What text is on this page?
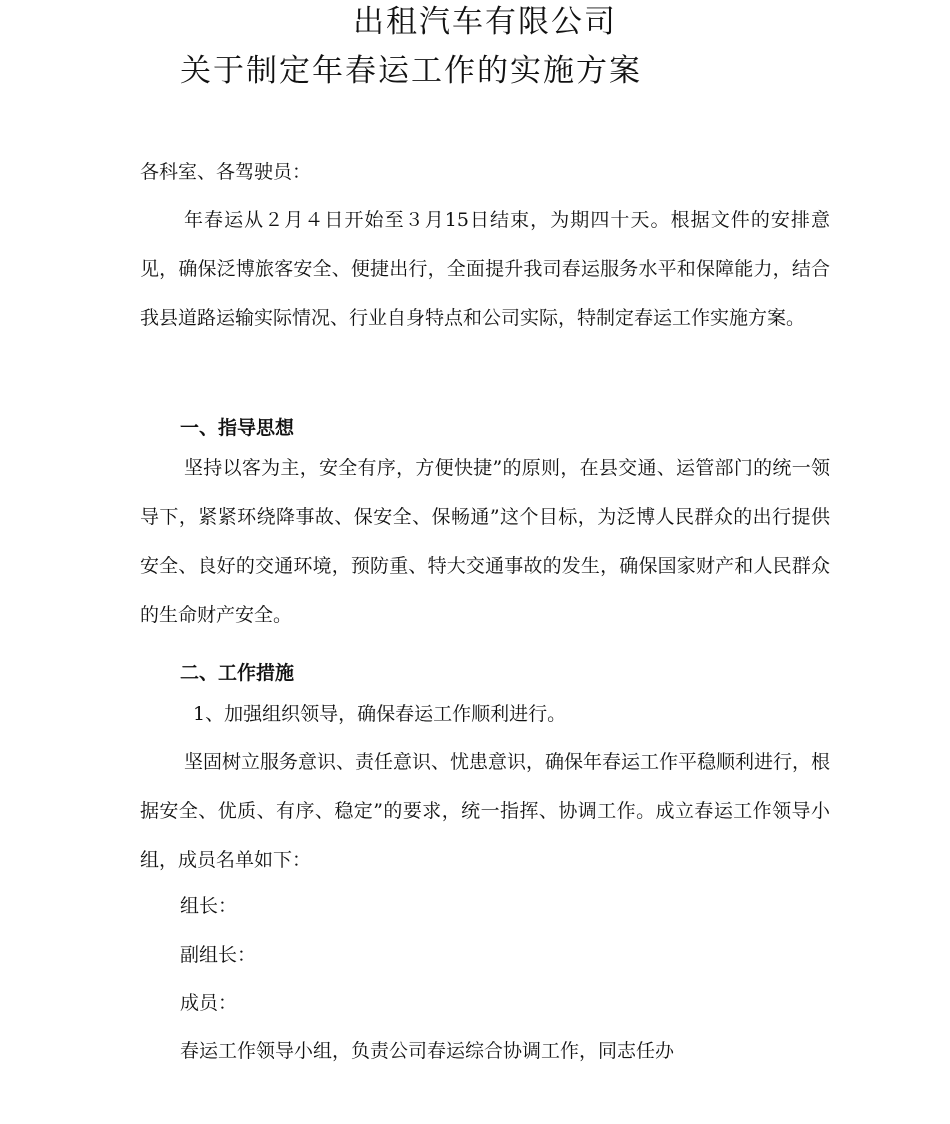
出租汽车有限公司
关于制定年春运工作的实施方案

各科室、各驾驶员：

年春运从２月４日开始至３月15日结束，为期四十天。根据文件的安排意见，确保泛博旅客安全、便捷出行，全面提升我司春运服务水平和保障能力，结合我县道路运输实际情况、行业自身特点和公司实际，特制定春运工作实施方案。

一、指导思想

坚持以客为主，安全有序，方便快捷”的原则，在县交通、运管部门的统一领导下，紧紧环绕降事故、保安全、保畅通”这个目标，为泛博人民群众的出行提供安全、良好的交通环境，预防重、特大交通事故的发生，确保国家财产和人民群众的生命财产安全。

二、工作措施

1、加强组织领导，确保春运工作顺利进行。

坚固树立服务意识、责任意识、忧患意识，确保年春运工作平稳顺利进行，根据安全、优质、有序、稳定”的要求，统一指挥、协调工作。成立春运工作领导小组，成员名单如下：

组长：

副组长：

成员：

春运工作领导小组，负责公司春运综合协调工作，同志任办
